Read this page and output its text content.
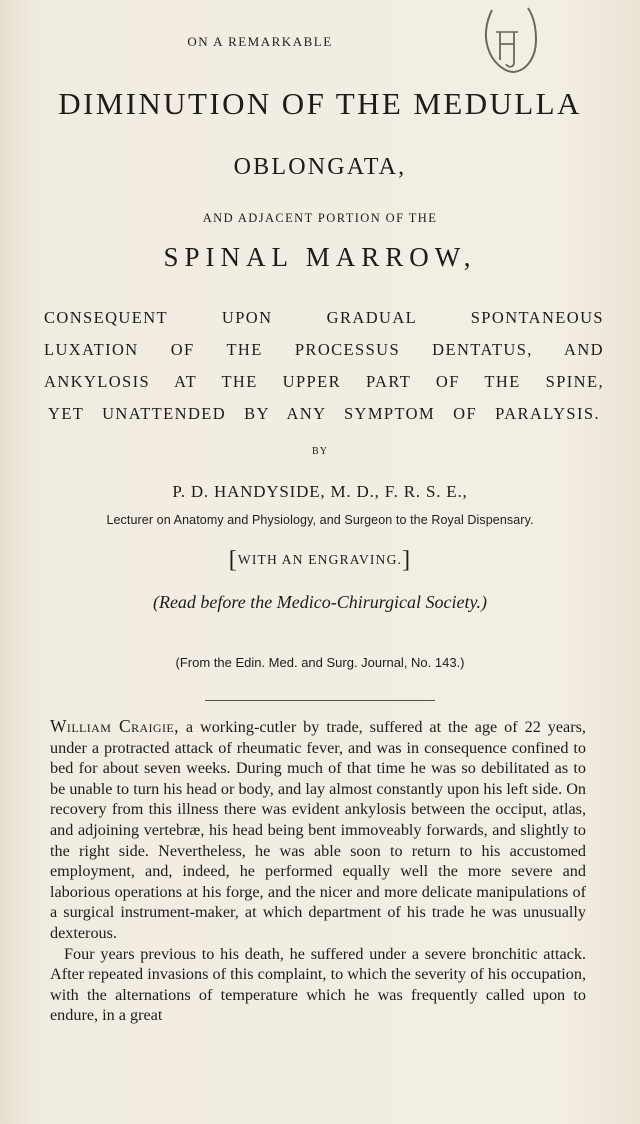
ON A REMARKABLE
DIMINUTION OF THE MEDULLA
OBLONGATA,
AND ADJACENT PORTION OF THE
SPINAL MARROW,
CONSEQUENT UPON GRADUAL SPONTANEOUS
LUXATION OF THE PROCESSUS DENTATUS, AND
ANKYLOSIS AT THE UPPER PART OF THE SPINE,
YET UNATTENDED BY ANY SYMPTOM OF PARALYSIS.
BY
P. D. HANDYSIDE, M. D., F. R. S. E.,
Lecturer on Anatomy and Physiology, and Surgeon to the Royal Dispensary.
[WITH AN ENGRAVING.]
(Read before the Medico-Chirurgical Society.)
(From the Edin. Med. and Surg. Journal, No. 143.)

William Craigie, a working-cutler by trade, suffered at the age of 22 years, under a protracted attack of rheumatic fever, and was in consequence confined to bed for about seven weeks. During much of that time he was so debilitated as to be unable to turn his head or body, and lay almost constantly upon his left side. On recovery from this illness there was evident ankylosis between the occiput, atlas, and adjoining vertebræ, his head being bent immoveably forwards, and slightly to the right side. Nevertheless, he was able soon to return to his accustomed employment, and, indeed, he performed equally well the more severe and laborious operations at his forge, and the nicer and more delicate manipulations of a surgical instrument-maker, at which department of his trade he was unusually dexterous.

Four years previous to his death, he suffered under a severe bronchitic attack. After repeated invasions of this complaint, to which the severity of his occupation, with the alternations of temperature which he was frequently called upon to endure, in a great
